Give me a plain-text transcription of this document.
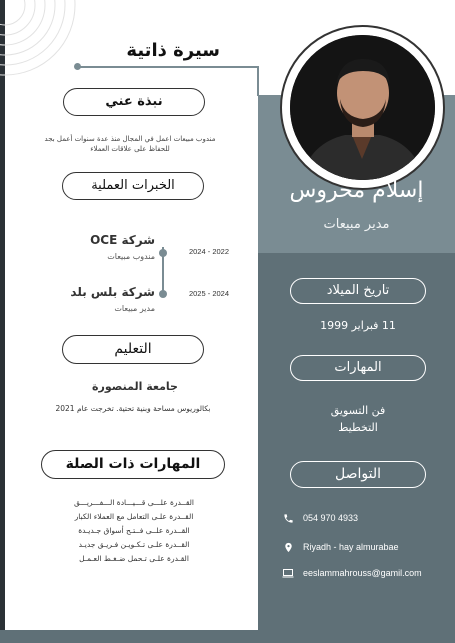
سيرة ذاتية
إسلام محروس
مدير مبيعات
نبذة عني
مندوب مبيعات اعمل في المجال منذ عدة سنوات أعمل بجد
للحفاظ على علاقات العملاء
الخبرات العملية
شركة OCE
مندوب مبيعات
2024 - 2022
شركة بلس بلد
مدير مبيعات
2025 - 2024
التعليم
جامعة المنصورة
بكالوريوس مساحة وبنية تحتية. تخرجت عام 2021
المهارات ذات الصلة
القــدرة علـــى قـــيـــادة الـــفـــريـــق
القــدرة علـى التعامل مع العملاء الكبار
القــدرة علــى فــتـح أسواق جـديـدة
القــدرة علـى تـكـويـن فـريـق جديـد
القـدرة علـى تـحمل ضـغـط العـمـل
تاريخ الميلاد
11 فبراير 1999
المهارات
فن التسويق
التخطيط
التواصل
054 970 4933
Riyadh - hay almurabae
eeslammahrouss@gamil.com
